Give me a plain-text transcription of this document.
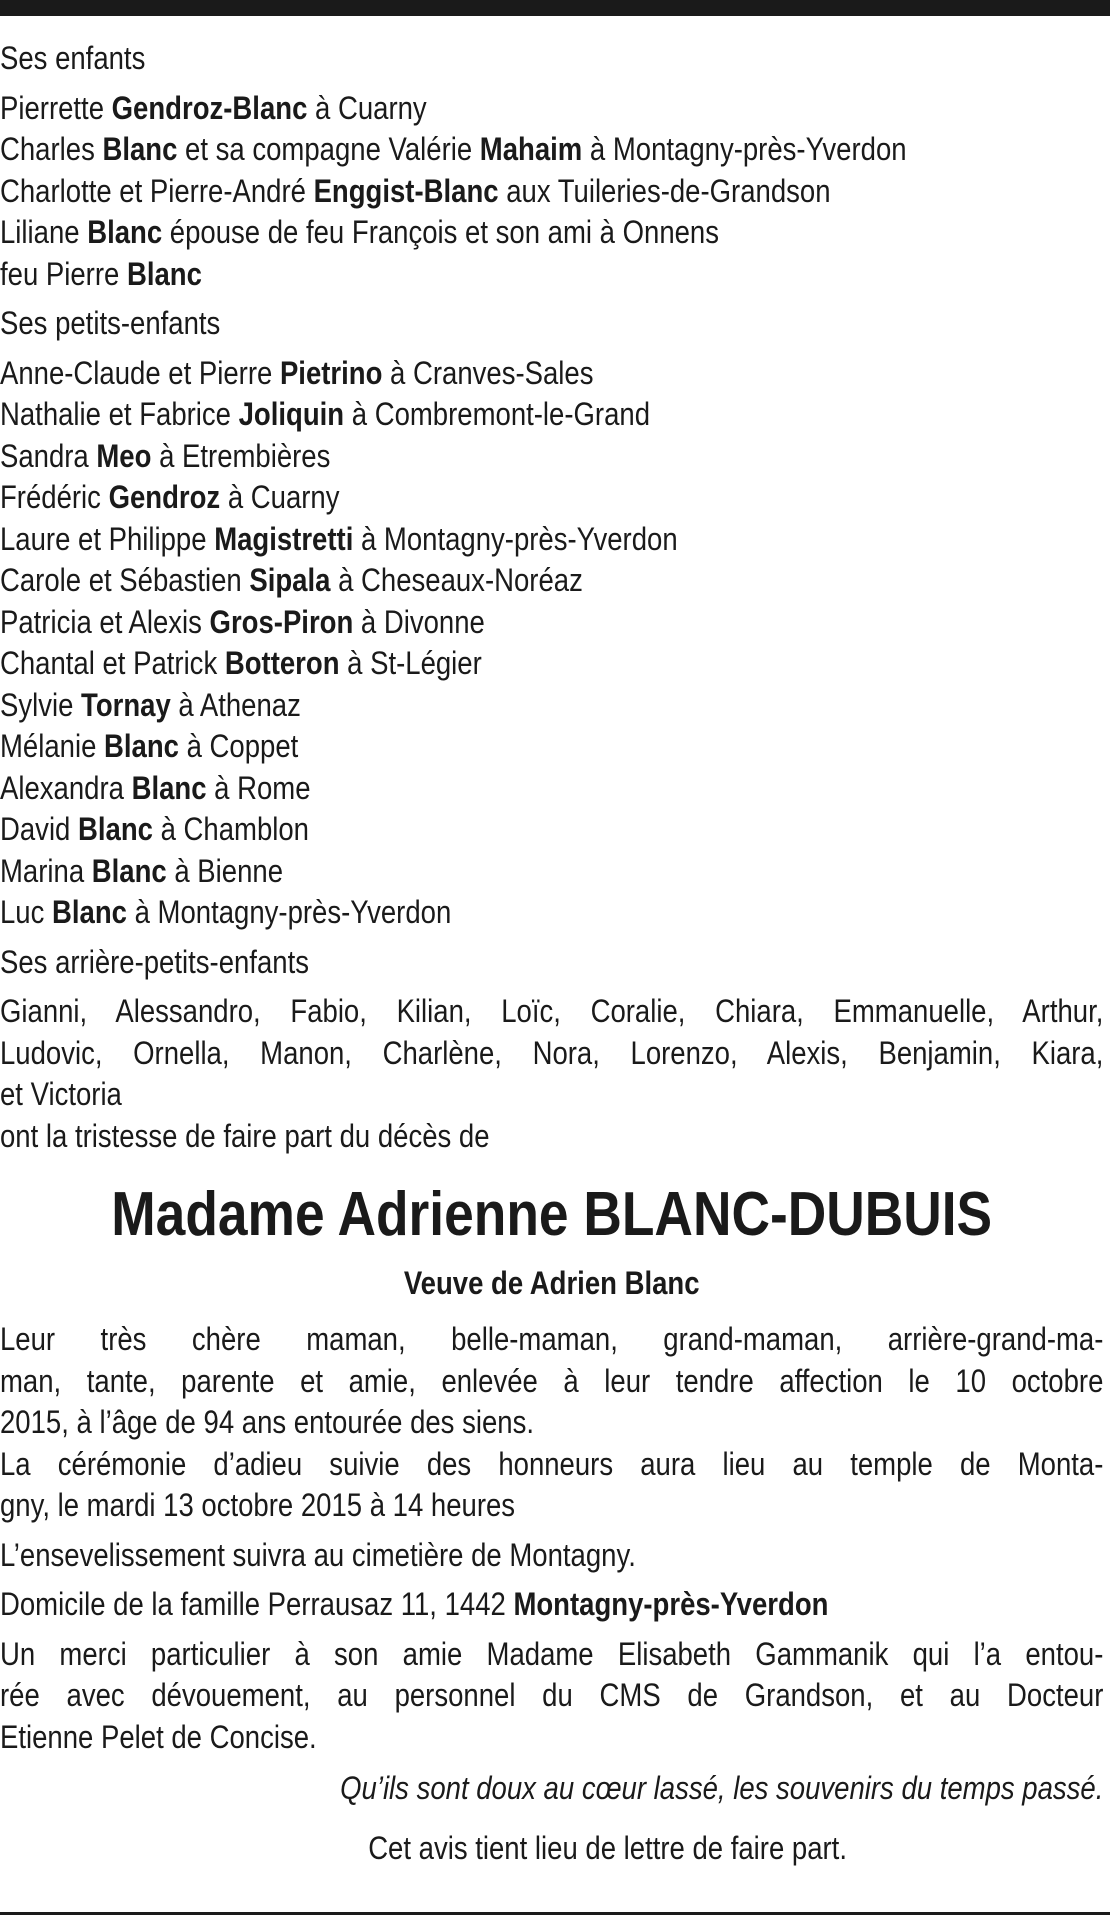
Ses enfants
Pierrette Gendroz-Blanc à Cuarny
Charles Blanc et sa compagne Valérie Mahaim à Montagny-près-Yverdon
Charlotte et Pierre-André Enggist-Blanc aux Tuileries-de-Grandson
Liliane Blanc épouse de feu François et son ami à Onnens
feu Pierre Blanc
Ses petits-enfants
Anne-Claude et Pierre Pietrino à Cranves-Sales
Nathalie et Fabrice Joliquin à Combremont-le-Grand
Sandra Meo à Etrembières
Frédéric Gendroz à Cuarny
Laure et Philippe Magistretti à Montagny-près-Yverdon
Carole et Sébastien Sipala à Cheseaux-Noréaz
Patricia et Alexis Gros-Piron à Divonne
Chantal et Patrick Botteron à St-Légier
Sylvie Tornay à Athenaz
Mélanie Blanc à Coppet
Alexandra Blanc à Rome
David Blanc à Chamblon
Marina Blanc à Bienne
Luc Blanc à Montagny-près-Yverdon
Ses arrière-petits-enfants
Gianni, Alessandro, Fabio, Kilian, Loïc, Coralie, Chiara, Emmanuelle, Arthur,
Ludovic, Ornella, Manon, Charlène, Nora, Lorenzo, Alexis, Benjamin, Kiara,
et Victoria
ont la tristesse de faire part du décès de
Madame Adrienne BLANC-DUBUIS
Veuve de Adrien Blanc
Leur très chère maman, belle-maman, grand-maman, arrière-grand-ma-
man, tante, parente et amie, enlevée à leur tendre affection le 10 octobre
2015, à l’âge de 94 ans entourée des siens.
La cérémonie d’adieu suivie des honneurs aura lieu au temple de Monta-
gny, le mardi 13 octobre 2015 à 14 heures
L’ensevelissement suivra au cimetière de Montagny.
Domicile de la famille Perrausaz 11, 1442 Montagny-près-Yverdon
Un merci particulier à son amie Madame Elisabeth Gammanik qui l’a entou-
rée avec dévouement, au personnel du CMS de Grandson, et au Docteur
Etienne Pelet de Concise.
Qu’ils sont doux au cœur lassé, les souvenirs du temps passé.
Cet avis tient lieu de lettre de faire part.
